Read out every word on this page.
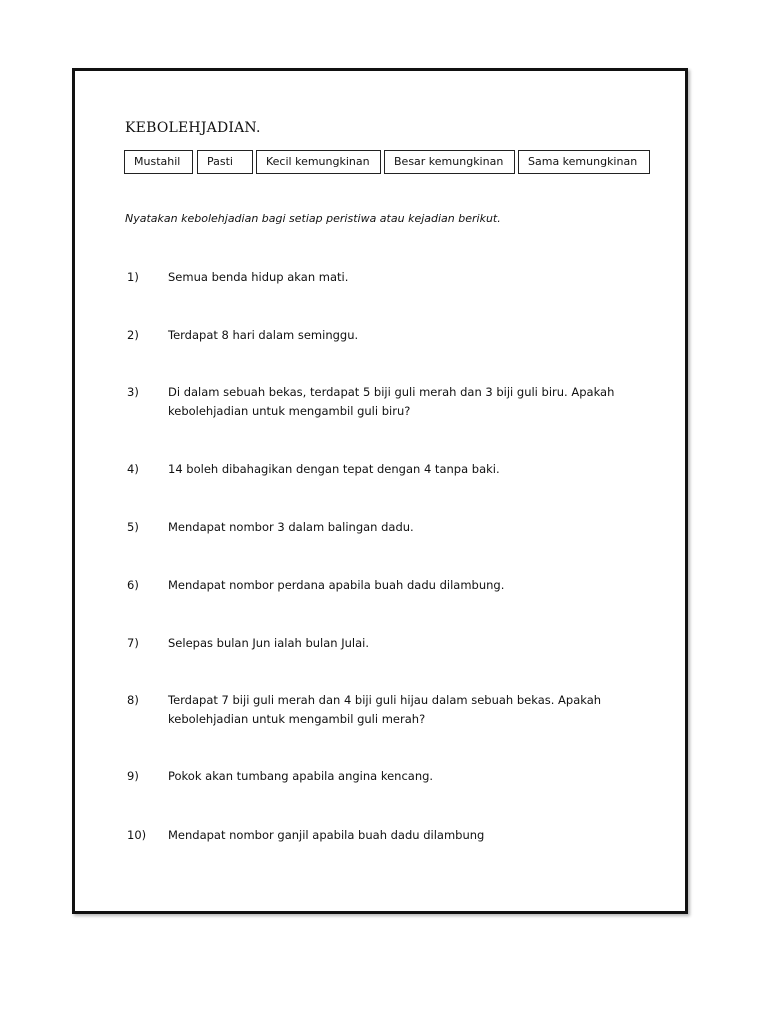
KEBOLEHJADIAN.
Mustahil	Pasti	Kecil kemungkinan	Besar kemungkinan	Sama kemungkinan
Nyatakan kebolehjadian bagi setiap peristiwa atau kejadian berikut.
1)	Semua benda hidup akan mati.
2)	Terdapat 8 hari dalam seminggu.
3)	Di dalam sebuah bekas, terdapat 5 biji guli merah dan 3 biji guli biru. Apakah kebolehjadian untuk mengambil guli biru?
4)	14 boleh dibahagikan dengan tepat dengan 4 tanpa baki.
5)	Mendapat nombor 3 dalam balingan dadu.
6)	Mendapat nombor perdana apabila buah dadu dilambung.
7)	Selepas bulan Jun ialah bulan Julai.
8)	Terdapat 7 biji guli merah dan 4 biji guli hijau dalam sebuah bekas. Apakah kebolehjadian untuk mengambil guli merah?
9)	Pokok akan tumbang apabila angina kencang.
10) Mendapat nombor ganjil apabila buah dadu dilambung
